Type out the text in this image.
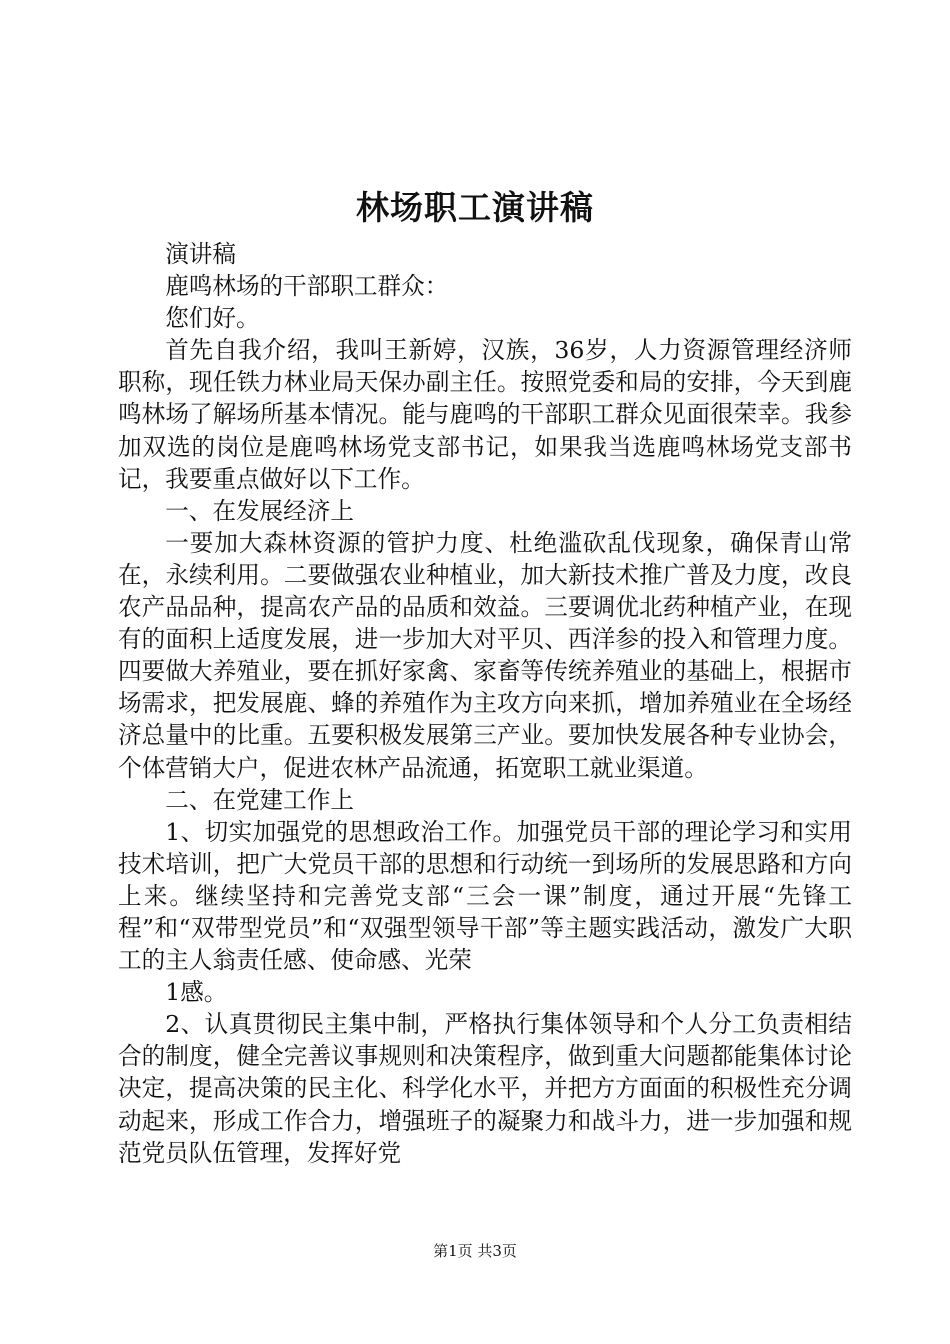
林场职工演讲稿

演讲稿

鹿鸣林场的干部职工群众：

您们好。

首先自我介绍，我叫王新婷，汉族，36岁，人力资源管理经济师职称，现任铁力林业局天保办副主任。按照党委和局的安排，今天到鹿鸣林场了解场所基本情况。能与鹿鸣的干部职工群众见面很荣幸。我参加双选的岗位是鹿鸣林场党支部书记，如果我当选鹿鸣林场党支部书记，我要重点做好以下工作。

一、在发展经济上

一要加大森林资源的管护力度、杜绝滥砍乱伐现象，确保青山常在，永续利用。二要做强农业种植业，加大新技术推广普及力度，改良农产品品种，提高农产品的品质和效益。三要调优北药种植产业，在现有的面积上适度发展，进一步加大对平贝、西洋参的投入和管理力度。四要做大养殖业，要在抓好家禽、家畜等传统养殖业的基础上，根据市场需求，把发展鹿、蜂的养殖作为主攻方向来抓，增加养殖业在全场经济总量中的比重。五要积极发展第三产业。要加快发展各种专业协会，个体营销大户，促进农林产品流通，拓宽职工就业渠道。

二、在党建工作上

1、切实加强党的思想政治工作。加强党员干部的理论学习和实用技术培训，把广大党员干部的思想和行动统一到场所的发展思路和方向上来。继续坚持和完善党支部“三会一课”制度，通过开展“先锋工程”和“双带型党员”和“双强型领导干部”等主题实践活动，激发广大职工的主人翁责任感、使命感、光荣

1感。

2、认真贯彻民主集中制，严格执行集体领导和个人分工负责相结合的制度，健全完善议事规则和决策程序，做到重大问题都能集体讨论决定，提高决策的民主化、科学化水平，并把方方面面的积极性充分调动起来，形成工作合力，增强班子的凝聚力和战斗力，进一步加强和规范党员队伍管理，发挥好党

第1页 共3页
